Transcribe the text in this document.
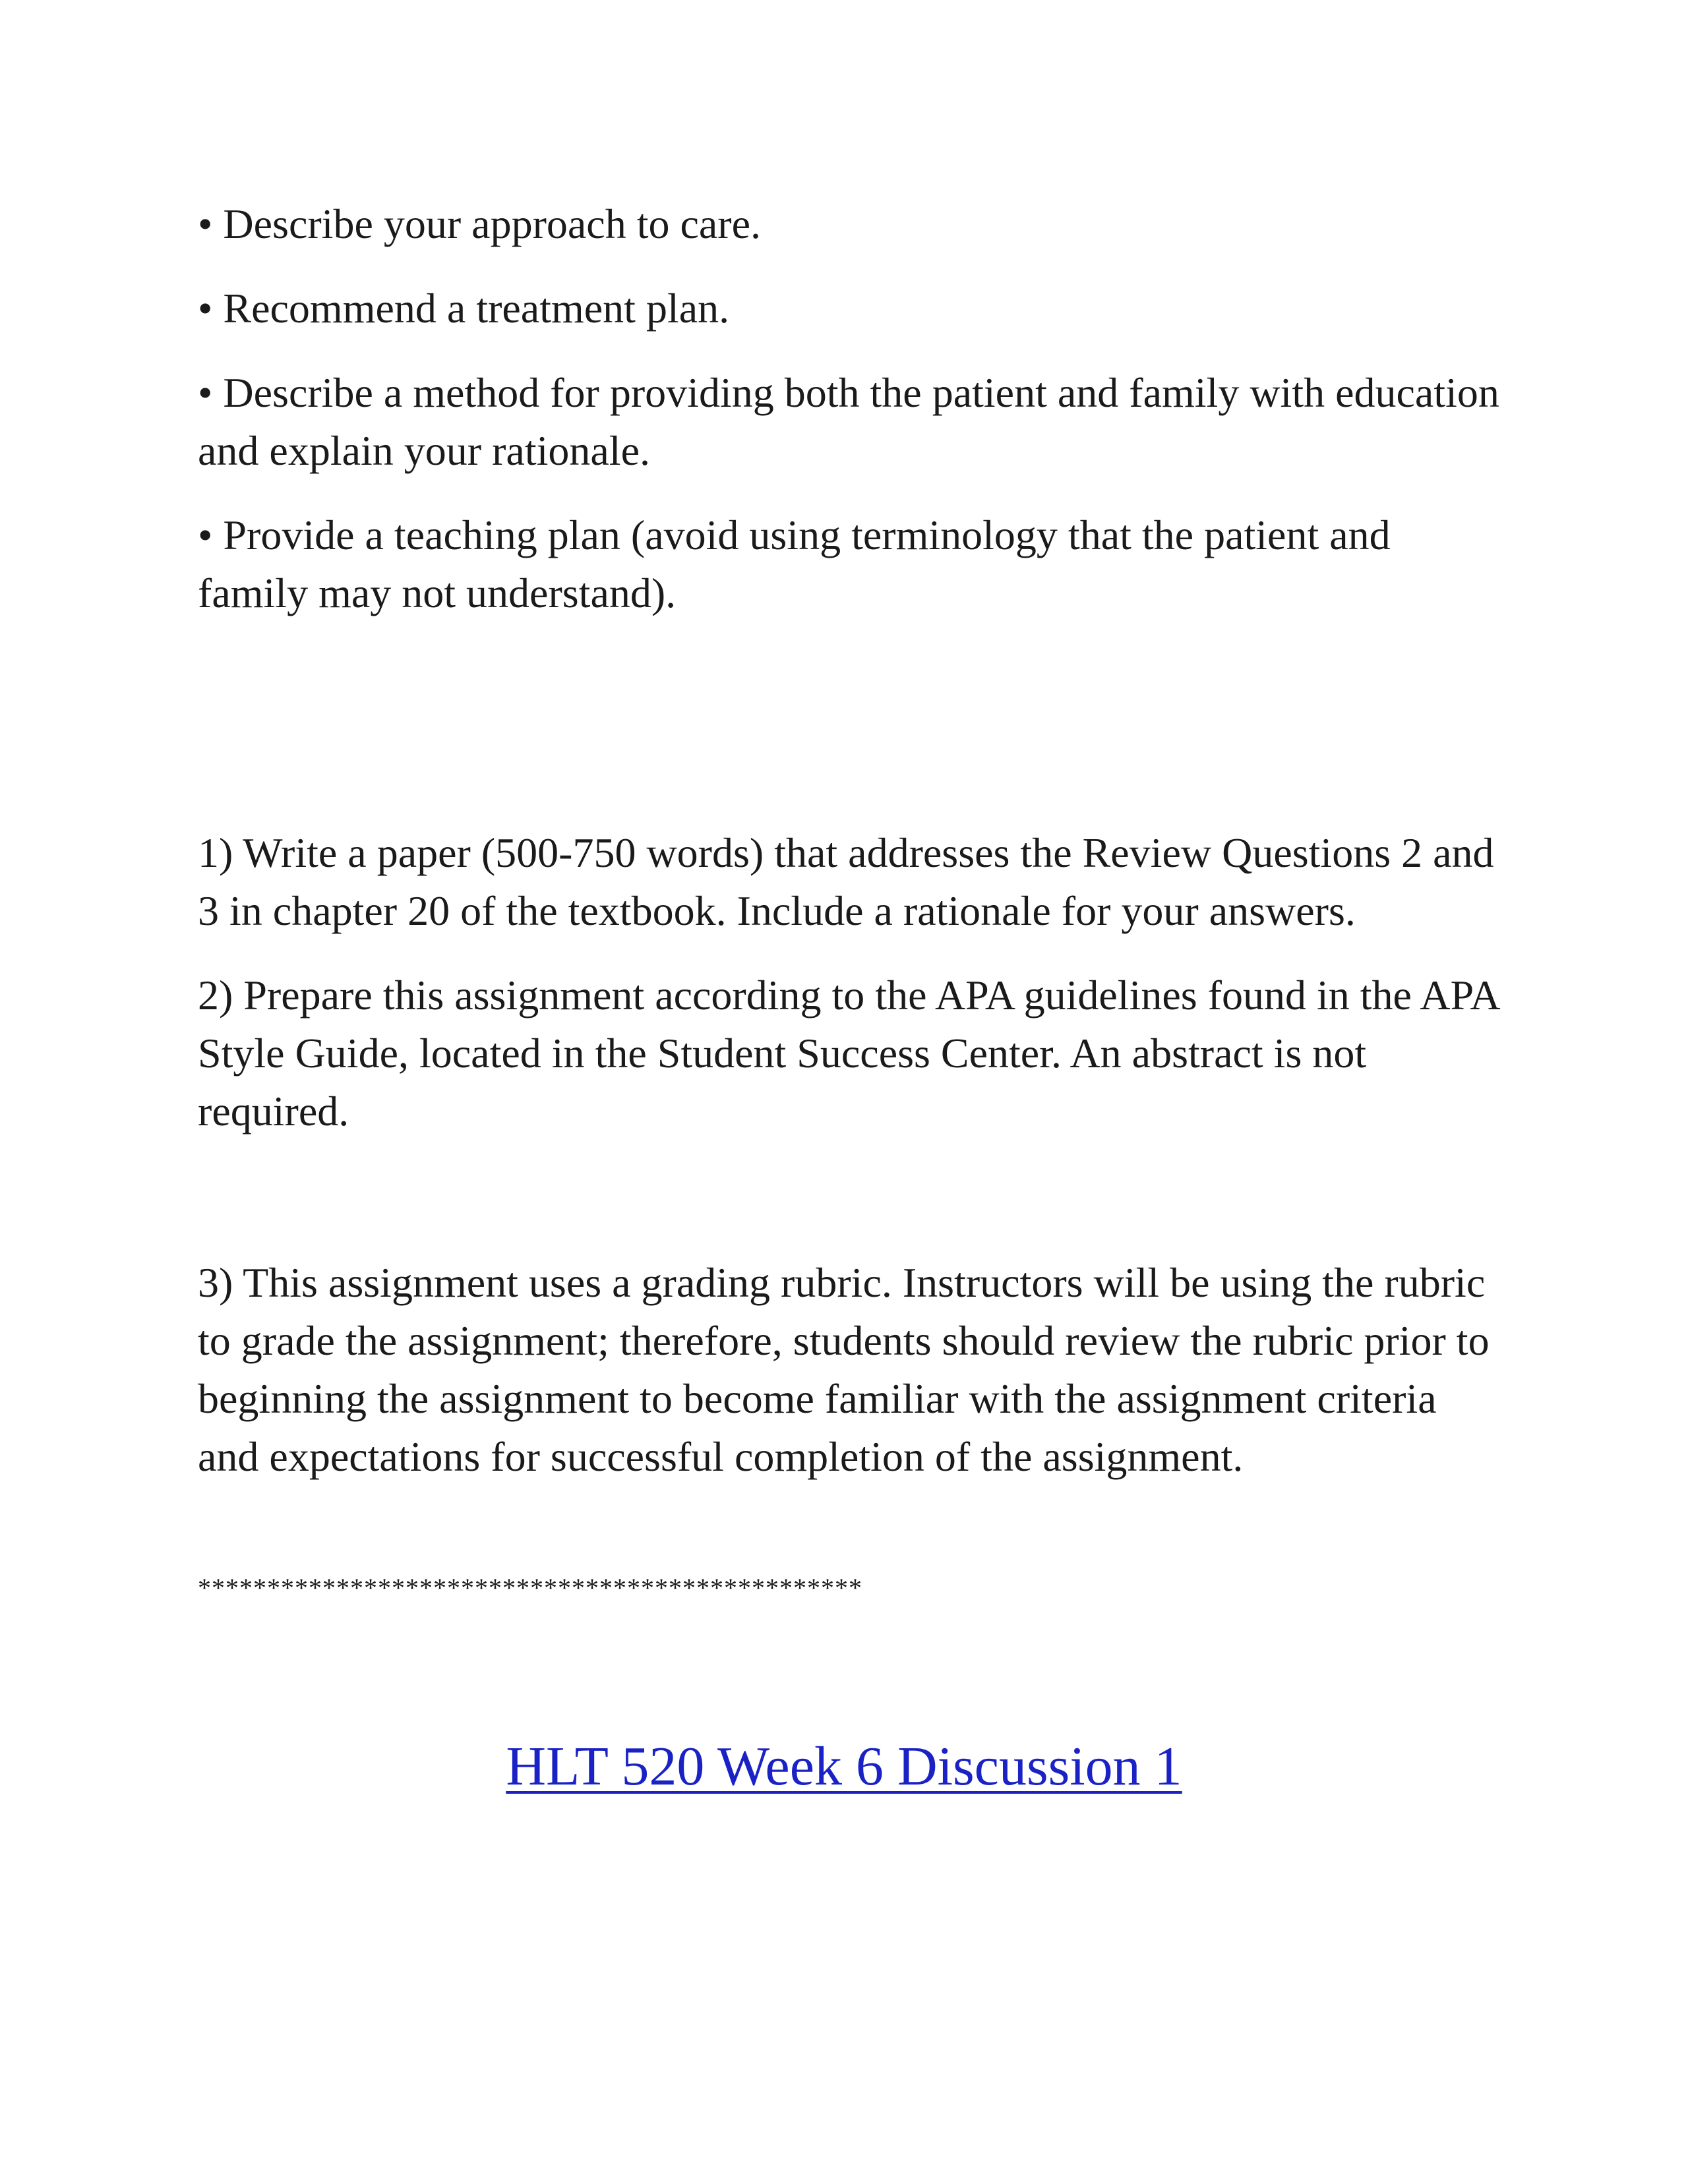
• Describe your approach to care.

• Recommend a treatment plan.

• Describe a method for providing both the patient and family with education and explain your rationale.

• Provide a teaching plan (avoid using terminology that the patient and family may not understand).

1) Write a paper (500-750 words) that addresses the Review Questions 2 and 3 in chapter 20 of the textbook. Include a rationale for your answers.

2) Prepare this assignment according to the APA guidelines found in the APA Style Guide, located in the Student Success Center. An abstract is not required.

3) This assignment uses a grading rubric. Instructors will be using the rubric to grade the assignment; therefore, students should review the rubric prior to beginning the assignment to become familiar with the assignment criteria and expectations for successful completion of the assignment.

************************************************
HLT 520 Week 6 Discussion 1
